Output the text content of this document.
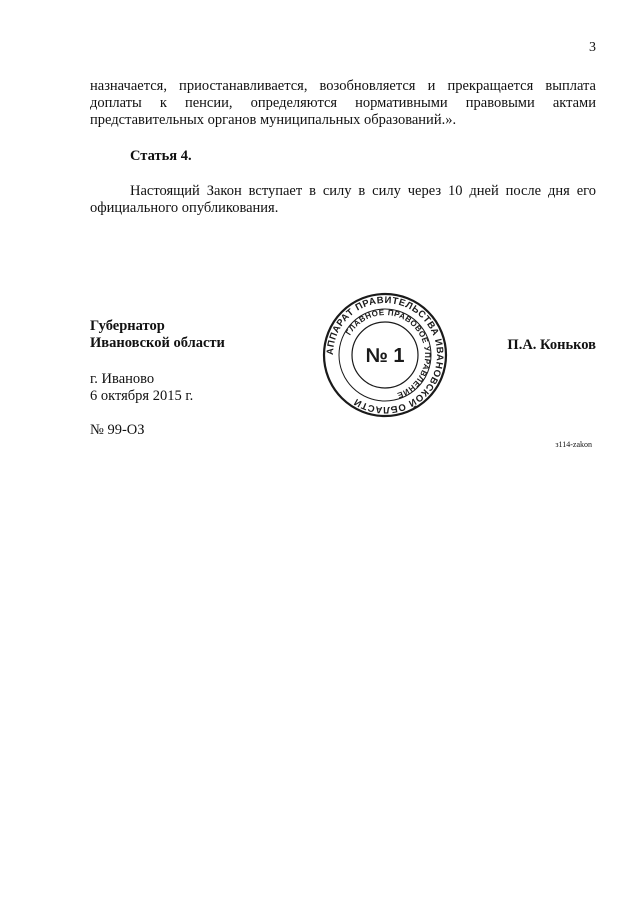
3

назначается, приостанавливается, возобновляется и прекращается выплата
доплаты к пенсии, определяются нормативными правовыми актами
представительных органов муниципальных образований.».

Статья 4.

Настоящий Закон вступает в силу в силу через 10 дней после дня его официального опубликования.

Губернатор
Ивановской области
АППАРАТ ПРАВИТЕЛЬСТВА ИВАНОВСКОЙ ОБЛАСТИ
ГЛАВНОЕ ПРАВОВОЕ УПРАВЛЕНИЕ
№ 1	П.А. Коньков
г. Иваново
6 октября 2015 г.
№ 99-ОЗ
з114-zakon
